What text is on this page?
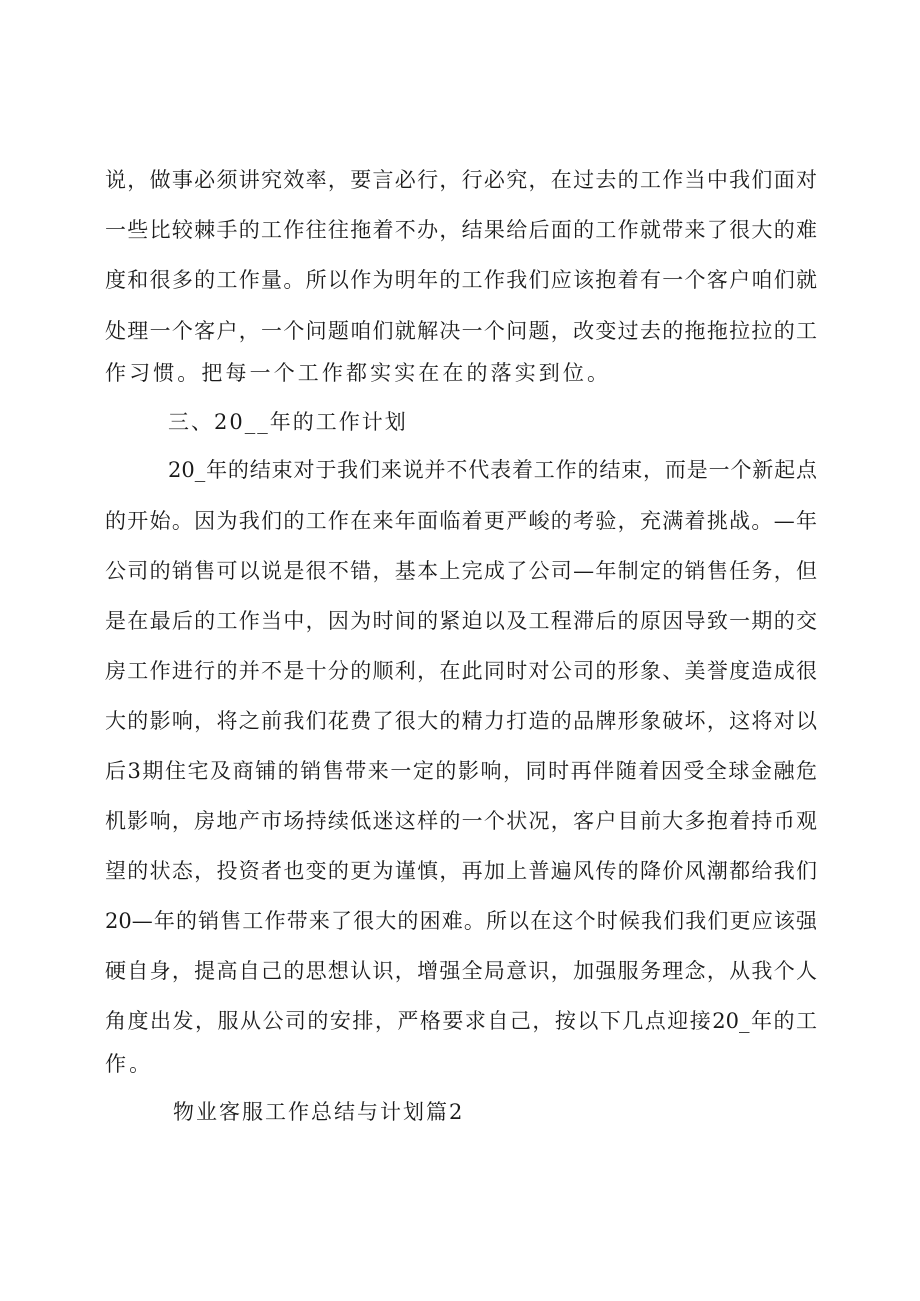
说，做事必须讲究效率，要言必行，行必究，在过去的工作当中我们面对
一些比较棘手的工作往往拖着不办，结果给后面的工作就带来了很大的难
度和很多的工作量。所以作为明年的工作我们应该抱着有一个客户咱们就
处理一个客户，一个问题咱们就解决一个问题，改变过去的拖拖拉拉的工
作习惯。把每一个工作都实实在在的落实到位。
三、20__年的工作计划
20_年的结束对于我们来说并不代表着工作的结束，而是一个新起点
的开始。因为我们的工作在来年面临着更严峻的考验，充满着挑战。—年
公司的销售可以说是很不错，基本上完成了公司—年制定的销售任务，但
是在最后的工作当中，因为时间的紧迫以及工程滞后的原因导致一期的交
房工作进行的并不是十分的顺利，在此同时对公司的形象、美誉度造成很
大的影响，将之前我们花费了很大的精力打造的品牌形象破坏，这将对以
后3期住宅及商铺的销售带来一定的影响，同时再伴随着因受全球金融危
机影响，房地产市场持续低迷这样的一个状况，客户目前大多抱着持币观
望的状态，投资者也变的更为谨慎，再加上普遍风传的降价风潮都给我们
20—年的销售工作带来了很大的困难。所以在这个时候我们我们更应该强
硬自身，提高自己的思想认识，增强全局意识，加强服务理念，从我个人
角度出发，服从公司的安排，严格要求自己，按以下几点迎接20_年的工
作。
物业客服工作总结与计划篇2
